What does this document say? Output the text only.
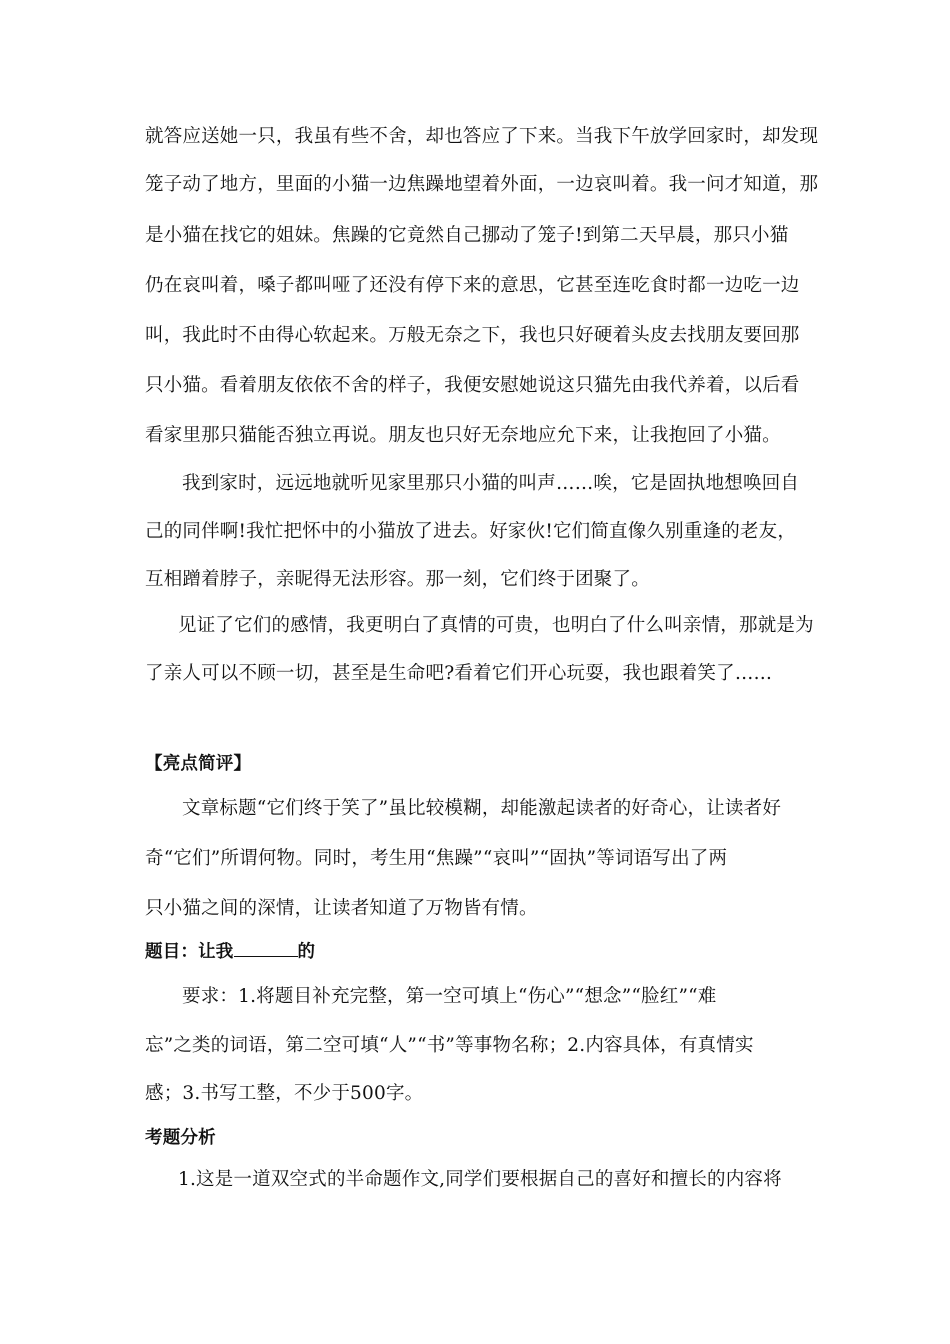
就答应送她一只，我虽有些不舍，却也答应了下来。当我下午放学回家时，却发现
笼子动了地方，里面的小猫一边焦躁地望着外面，一边哀叫着。我一问才知道，那
是小猫在找它的姐妹。焦躁的它竟然自己挪动了笼子!到第二天早晨，那只小猫
仍在哀叫着，嗓子都叫哑了还没有停下来的意思，它甚至连吃食时都一边吃一边
叫，我此时不由得心软起来。万般无奈之下，我也只好硬着头皮去找朋友要回那
只小猫。看着朋友依依不舍的样子，我便安慰她说这只猫先由我代养着，以后看
看家里那只猫能否独立再说。朋友也只好无奈地应允下来，让我抱回了小猫。
我到家时，远远地就听见家里那只小猫的叫声……唉，它是固执地想唤回自
己的同伴啊!我忙把怀中的小猫放了进去。好家伙!它们简直像久别重逢的老友，
互相蹭着脖子，亲昵得无法形容。那一刻，它们终于团聚了。
见证了它们的感情，我更明白了真情的可贵，也明白了什么叫亲情，那就是为
了亲人可以不顾一切，甚至是生命吧?看着它们开心玩耍，我也跟着笑了……
【亮点简评】
文章标题“它们终于笑了”虽比较模糊，却能激起读者的好奇心，让读者好
奇“它们”所谓何物。同时，考生用“焦躁”“哀叫”“固执”等词语写出了两
只小猫之间的深情，让读者知道了万物皆有情。
题目：让我	的
要求：1.将题目补充完整，第一空可填上“伤心”“想念”“脸红”“难
忘”之类的词语，第二空可填“人”“书”等事物名称；2.内容具体，有真情实
感；3.书写工整，不少于500字。
考题分析
1.这是一道双空式的半命题作文,同学们要根据自己的喜好和擅长的内容将
